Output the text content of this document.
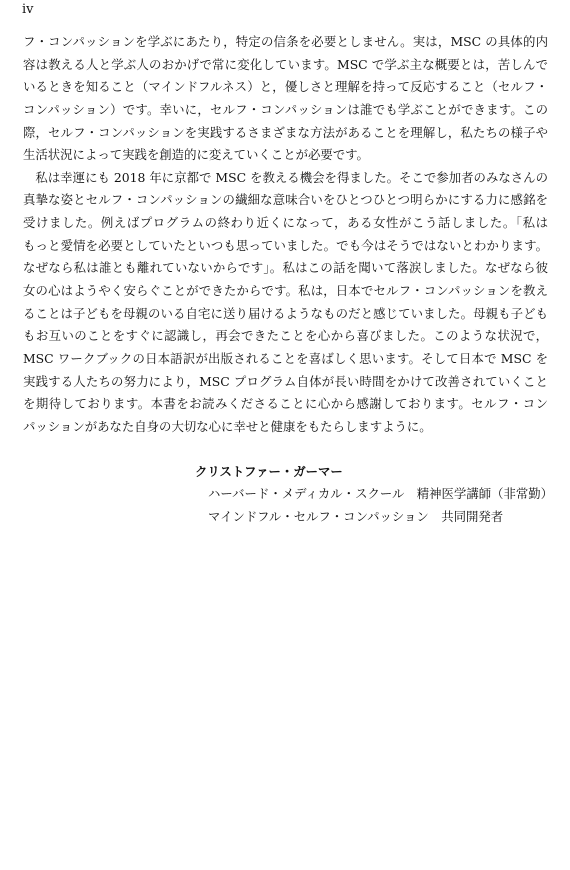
iv
フ・コンパッションを学ぶにあたり，特定の信条を必要としません。実は，MSC の具体的内
容は教える人と学ぶ人のおかげで常に変化しています。MSC で学ぶ主な概要とは，苦しんで
いるときを知ること（マインドフルネス）と，優しさと理解を持って反応すること（セルフ・
コンパッション）です。幸いに，セルフ・コンパッションは誰でも学ぶことができます。この
際，セルフ・コンパッションを実践するさまざまな方法があることを理解し，私たちの様子や
生活状況によって実践を創造的に変えていくことが必要です。
　私は幸運にも 2018 年に京都で MSC を教える機会を得ました。そこで参加者のみなさんの
真摯な姿とセルフ・コンパッションの繊細な意味合いをひとつひとつ明らかにする力に感銘を
受けました。例えばプログラムの終わり近くになって，ある女性がこう話しました。「私は
もっと愛情を必要としていたといつも思っていました。でも今はそうではないとわかります。
なぜなら私は誰とも離れていないからです」。私はこの話を聞いて落涙しました。なぜなら彼
女の心はようやく安らぐことができたからです。私は，日本でセルフ・コンパッションを教え
ることは子どもを母親のいる自宅に送り届けるようなものだと感じていました。母親も子ども
もお互いのことをすぐに認識し，再会できたことを心から喜びました。このような状況で，
MSC ワークブックの日本語訳が出版されることを喜ばしく思います。そして日本で MSC を
実践する人たちの努力により，MSC プログラム自体が長い時間をかけて改善されていくこと
を期待しております。本書をお読みくださることに心から感謝しております。セルフ・コン
パッションがあなた自身の大切な心に幸せと健康をもたらしますように。
クリストファー・ガーマー
ハーバード・メディカル・スクール　精神医学講師（非常勤）
マインドフル・セルフ・コンパッション　共同開発者
